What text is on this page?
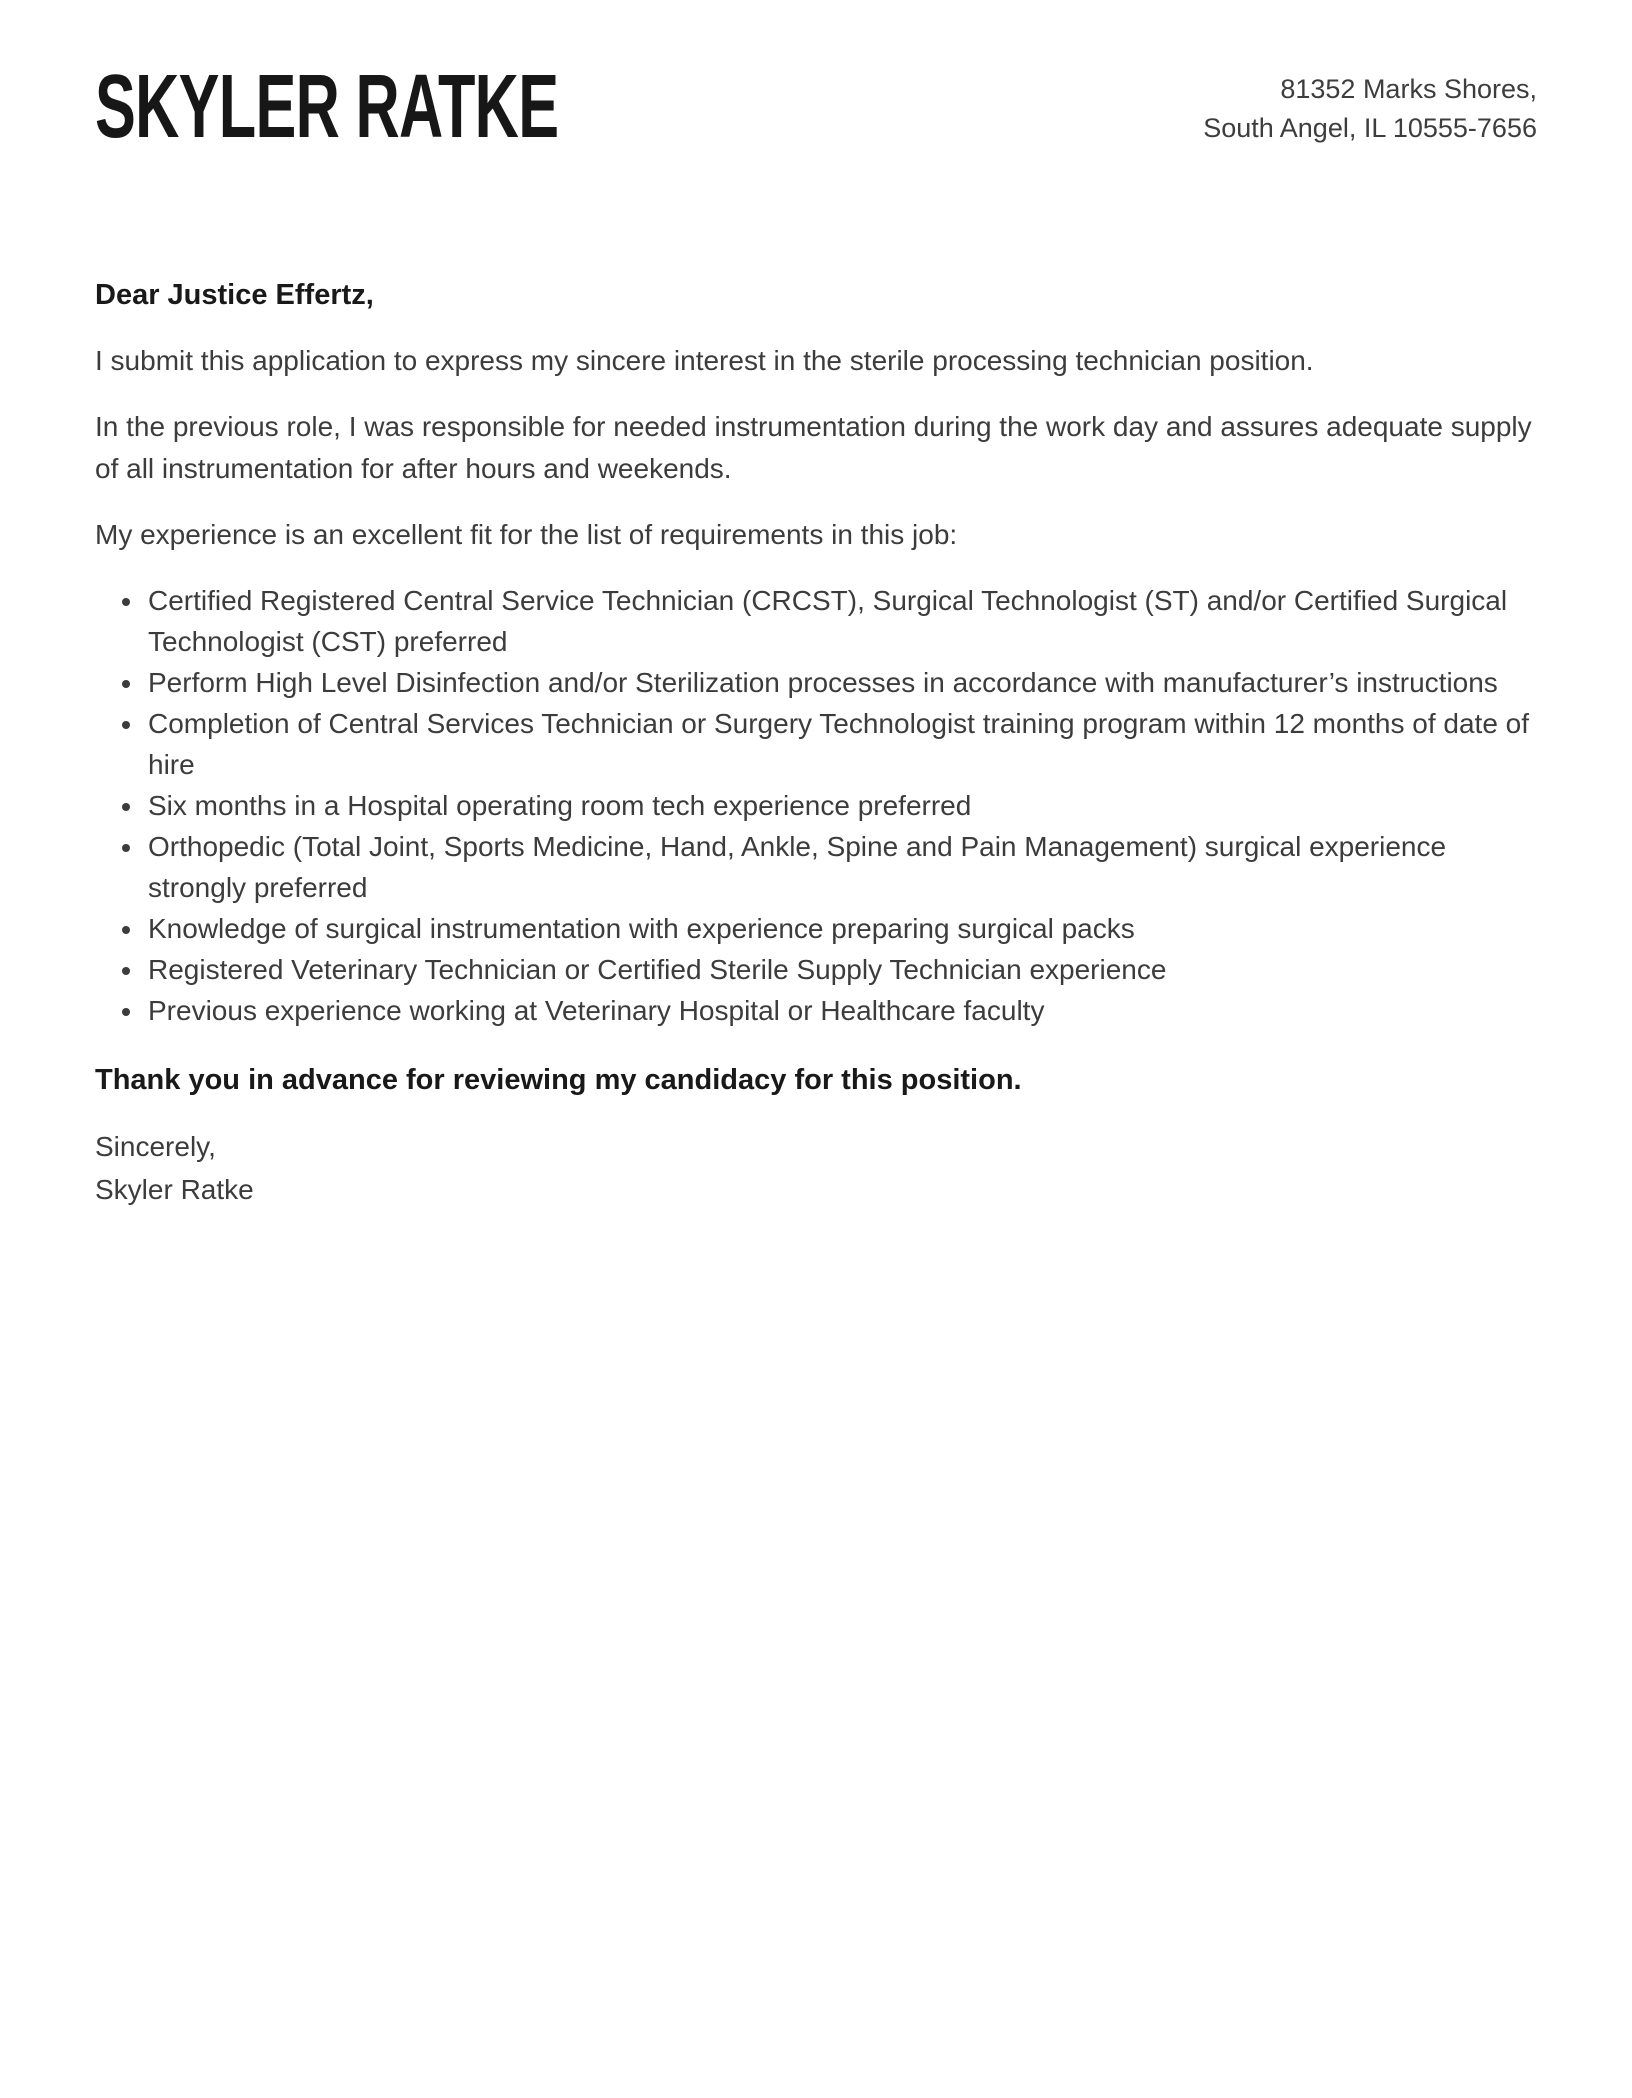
SKYLER RATKE	81352 Marks Shores,
South Angel, IL 10555-7656

Dear Justice Effertz,

I submit this application to express my sincere interest in the sterile processing technician position.

In the previous role, I was responsible for needed instrumentation during the work day and assures adequate supply of all instrumentation for after hours and weekends.

My experience is an excellent fit for the list of requirements in this job:

• Certified Registered Central Service Technician (CRCST), Surgical Technologist (ST) and/or Certified Surgical Technologist (CST) preferred
• Perform High Level Disinfection and/or Sterilization processes in accordance with manufacturer’s instructions
• Completion of Central Services Technician or Surgery Technologist training program within 12 months of date of hire
• Six months in a Hospital operating room tech experience preferred
• Orthopedic (Total Joint, Sports Medicine, Hand, Ankle, Spine and Pain Management) surgical experience strongly preferred
• Knowledge of surgical instrumentation with experience preparing surgical packs
• Registered Veterinary Technician or Certified Sterile Supply Technician experience
• Previous experience working at Veterinary Hospital or Healthcare faculty

Thank you in advance for reviewing my candidacy for this position.

Sincerely,
Skyler Ratke
